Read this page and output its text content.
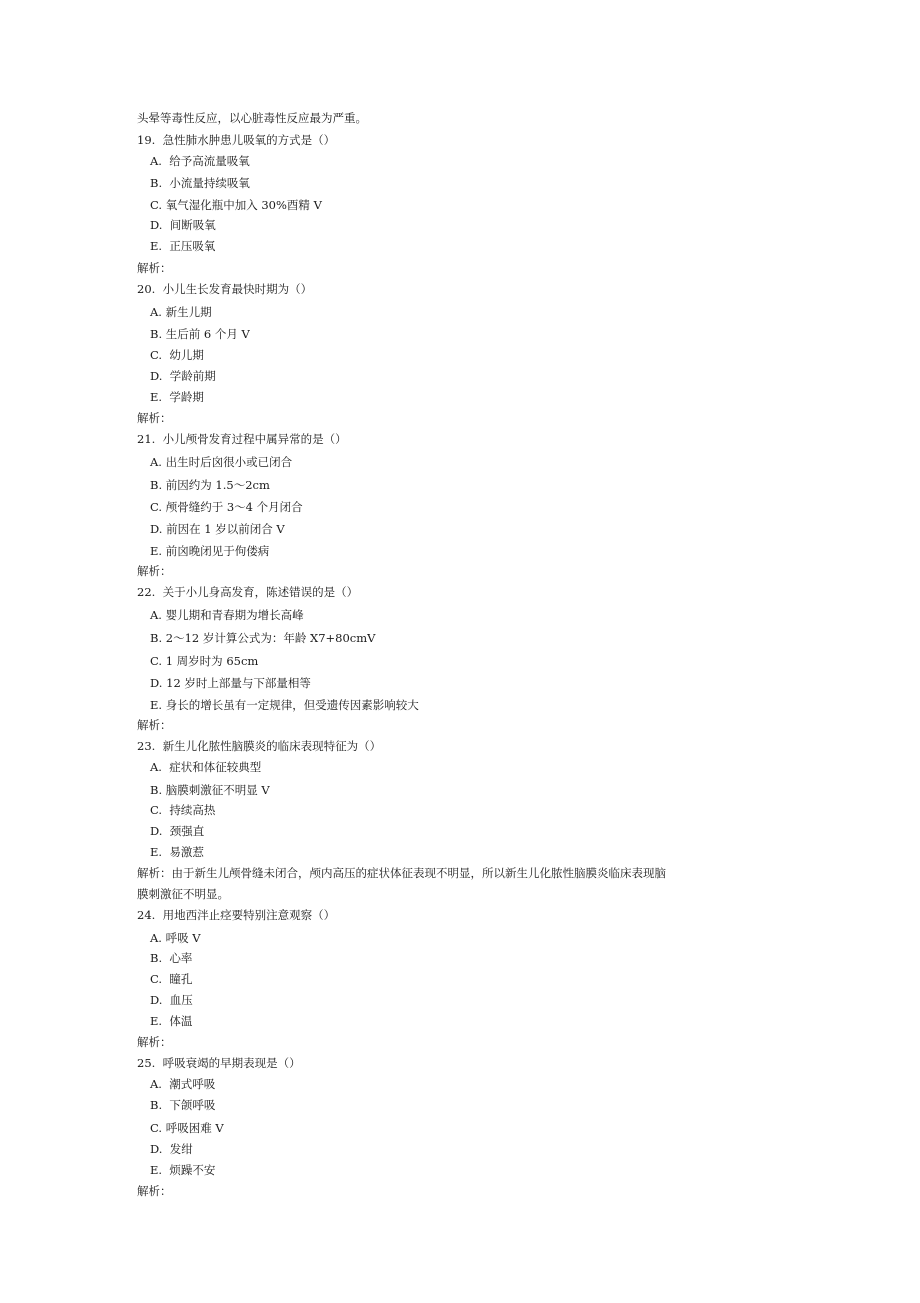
头晕等毒性反应，以心脏毒性反应最为严重。
19.  急性肺水肿患儿吸氧的方式是（）
A.  给予高流量吸氧
B.  小流量持续吸氧
C. 氧气湿化瓶中加入 30%酉精 V
D.  间断吸氧
E.  正压吸氧
解析：
20.  小儿生长发育最快时期为（）
A. 新生儿期
B. 生后前 6 个月 V
C.  幼儿期
D.  学龄前期
E.  学龄期
解析：
21.  小儿颅骨发育过程中属异常的是（）
A. 出生时后囟很小或已闭合
B. 前因约为 1.5〜2cm
C. 颅骨缝约于 3〜4 个月闭合
D. 前因在 1 岁以前闭合 V
E. 前囟晚闭见于佝偻病
解析：
22.  关于小儿身高发育，陈述错误的是（）
A. 婴儿期和青春期为增长高峰
B. 2〜12 岁计算公式为：年龄 X7+80cmV
C. 1 周岁时为 65cm
D. 12 岁时上部量与下部量相等
E. 身长的增长虽有一定规律，但受遗传因素影响较大
解析：
23.  新生儿化脓性脑膜炎的临床表现特征为（）
A.  症状和体征较典型
B. 脑膜刺激征不明显 V
C.  持续高热
D.  颈强直
E.  易激惹
解析：由于新生儿颅骨缝未闭合，颅内高压的症状体征表现不明显，所以新生儿化脓性脑膜炎临床表现脑
膜刺激征不明显。
24.  用地西泮止痉要特别注意观察（）
A. 呼吸 V
B.  心率
C.  瞳孔
D.  血压
E.  体温
解析：
25.  呼吸衰竭的早期表现是（）
A.  潮式呼吸
B.  下颌呼吸
C. 呼吸困难 V
D.  发绀
E.  烦躁不安
解析：
